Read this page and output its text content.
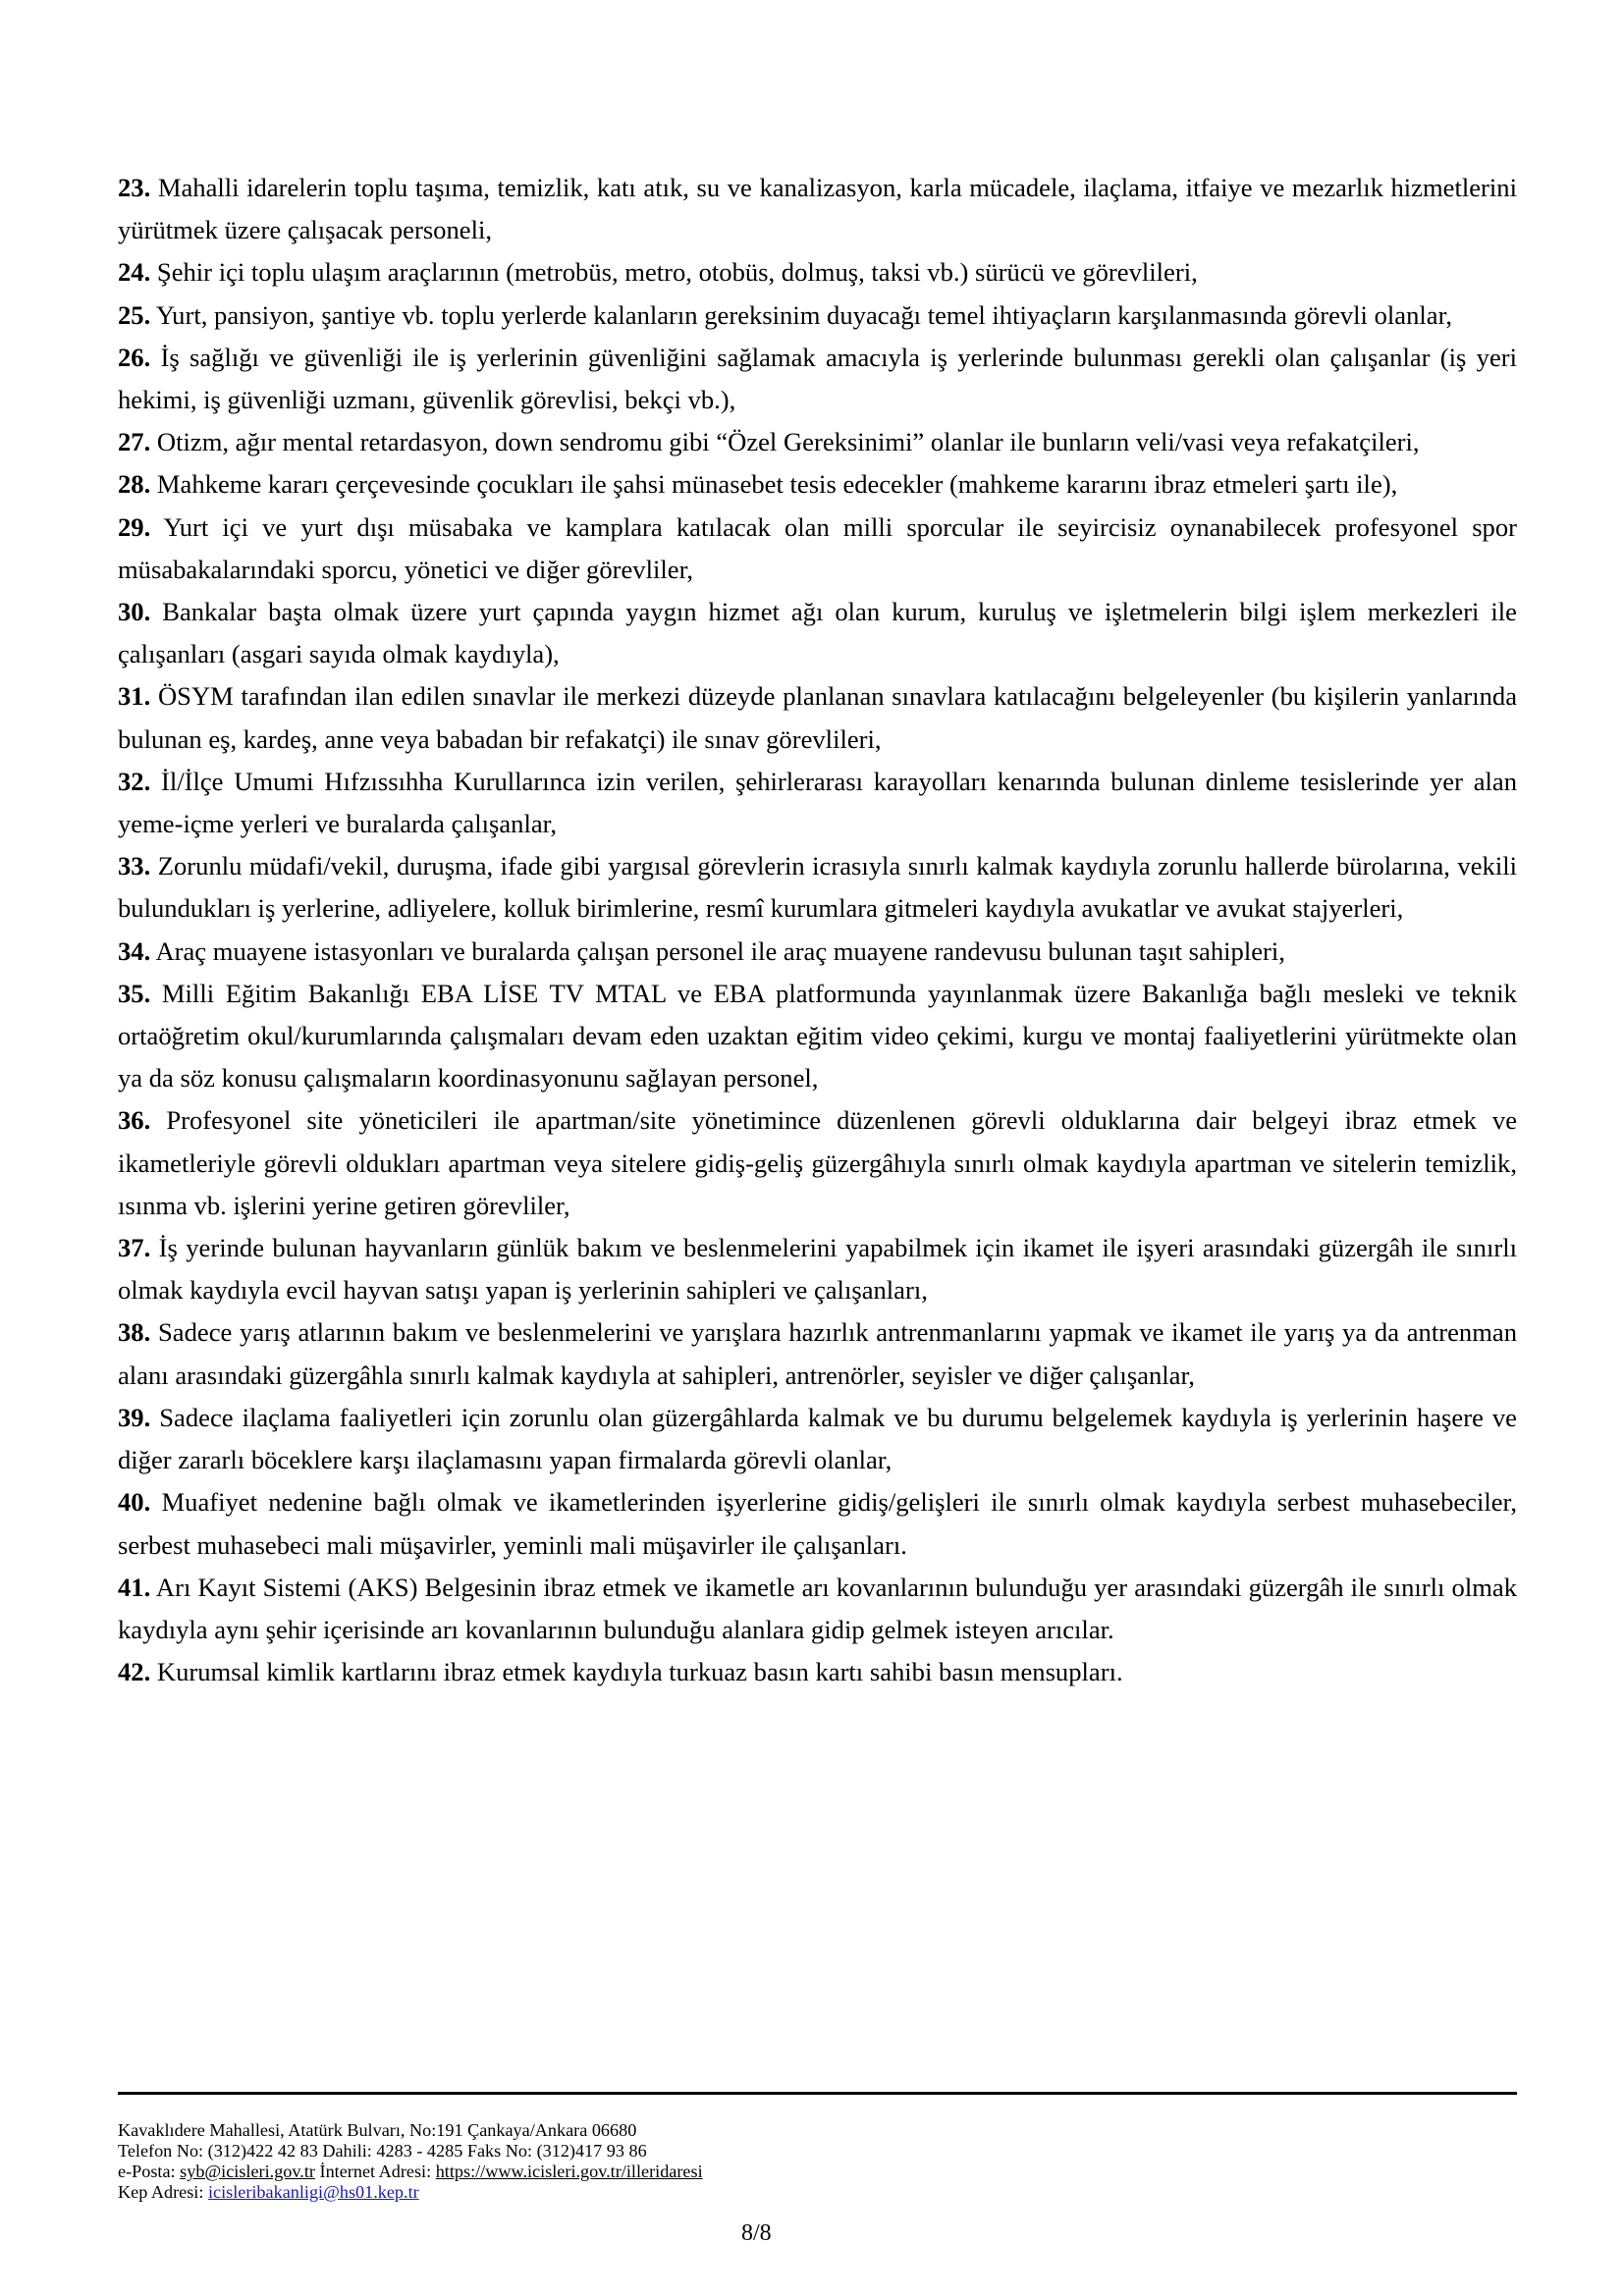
23. Mahalli idarelerin toplu taşıma, temizlik, katı atık, su ve kanalizasyon, karla mücadele, ilaçlama, itfaiye ve mezarlık hizmetlerini yürütmek üzere çalışacak personeli,

24. Şehir içi toplu ulaşım araçlarının (metrobüs, metro, otobüs, dolmuş, taksi vb.) sürücü ve görevlileri,

25. Yurt, pansiyon, şantiye vb. toplu yerlerde kalanların gereksinim duyacağı temel ihtiyaçların karşılanmasında görevli olanlar,

26. İş sağlığı ve güvenliği ile iş yerlerinin güvenliğini sağlamak amacıyla iş yerlerinde bulunması gerekli olan çalışanlar (iş yeri hekimi, iş güvenliği uzmanı, güvenlik görevlisi, bekçi vb.),

27. Otizm, ağır mental retardasyon, down sendromu gibi “Özel Gereksinimi” olanlar ile bunların veli/vasi veya refakatçileri,

28. Mahkeme kararı çerçevesinde çocukları ile şahsi münasebet tesis edecekler (mahkeme kararını ibraz etmeleri şartı ile),

29. Yurt içi ve yurt dışı müsabaka ve kamplara katılacak olan milli sporcular ile seyircisiz oynanabilecek profesyonel spor müsabakalarındaki sporcu, yönetici ve diğer görevliler,

30. Bankalar başta olmak üzere yurt çapında yaygın hizmet ağı olan kurum, kuruluş ve işletmelerin bilgi işlem merkezleri ile çalışanları (asgari sayıda olmak kaydıyla),

31. ÖSYM tarafından ilan edilen sınavlar ile merkezi düzeyde planlanan sınavlara katılacağını belgeleyenler (bu kişilerin yanlarında bulunan eş, kardeş, anne veya babadan bir refakatçi) ile sınav görevlileri,

32. İl/İlçe Umumi Hıfzıssıhha Kurullarınca izin verilen, şehirlerarası karayolları kenarında bulunan dinleme tesislerinde yer alan yeme-içme yerleri ve buralarda çalışanlar,

33. Zorunlu müdafi/vekil, duruşma, ifade gibi yargısal görevlerin icrasıyla sınırlı kalmak kaydıyla zorunlu hallerde bürolarına, vekili bulundukları iş yerlerine, adliyelere, kolluk birimlerine, resmî kurumlara gitmeleri kaydıyla avukatlar ve avukat stajyerleri,

34. Araç muayene istasyonları ve buralarda çalışan personel ile araç muayene randevusu bulunan taşıt sahipleri,

35. Milli Eğitim Bakanlığı EBA LİSE TV MTAL ve EBA platformunda yayınlanmak üzere Bakanlığa bağlı mesleki ve teknik ortaöğretim okul/kurumlarında çalışmaları devam eden uzaktan eğitim video çekimi, kurgu ve montaj faaliyetlerini yürütmekte olan ya da söz konusu çalışmaların koordinasyonunu sağlayan personel,

36. Profesyonel site yöneticileri ile apartman/site yönetimince düzenlenen görevli olduklarına dair belgeyi ibraz etmek ve ikametleriyle görevli oldukları apartman veya sitelere gidiş-geliş güzergâhıyla sınırlı olmak kaydıyla apartman ve sitelerin temizlik, ısınma vb. işlerini yerine getiren görevliler,

37. İş yerinde bulunan hayvanların günlük bakım ve beslenmelerini yapabilmek için ikamet ile işyeri arasındaki güzergâh ile sınırlı olmak kaydıyla evcil hayvan satışı yapan iş yerlerinin sahipleri ve çalışanları,

38. Sadece yarış atlarının bakım ve beslenmelerini ve yarışlara hazırlık antrenmanlarını yapmak ve ikamet ile yarış ya da antrenman alanı arasındaki güzergâhla sınırlı kalmak kaydıyla at sahipleri, antrenörler, seyisler ve diğer çalışanlar,

39. Sadece ilaçlama faaliyetleri için zorunlu olan güzergâhlarda kalmak ve bu durumu belgelemek kaydıyla iş yerlerinin haşere ve diğer zararlı böceklere karşı ilaçlamasını yapan firmalarda görevli olanlar,

40. Muafiyet nedenine bağlı olmak ve ikametlerinden işyerlerine gidiş/gelişleri ile sınırlı olmak kaydıyla serbest muhasebeciler, serbest muhasebeci mali müşavirler, yeminli mali müşavirler ile çalışanları.

41. Arı Kayıt Sistemi (AKS) Belgesinin ibraz etmek ve ikametle arı kovanlarının bulunduğu yer arasındaki güzergâh ile sınırlı olmak kaydıyla aynı şehir içerisinde arı kovanlarının bulunduğu alanlara gidip gelmek isteyen arıcılar.

42. Kurumsal kimlik kartlarını ibraz etmek kaydıyla turkuaz basın kartı sahibi basın mensupları.

Kavaklıdere Mahallesi, Atatürk Bulvarı, No:191 Çankaya/Ankara 06680
Telefon No: (312)422 42 83 Dahili: 4283 - 4285 Faks No: (312)417 93 86
e-Posta: syb@icisleri.gov.tr İnternet Adresi: https://www.icisleri.gov.tr/illeridaresi
Kep Adresi: icisleribakanligi@hs01.kep.tr
8/8
